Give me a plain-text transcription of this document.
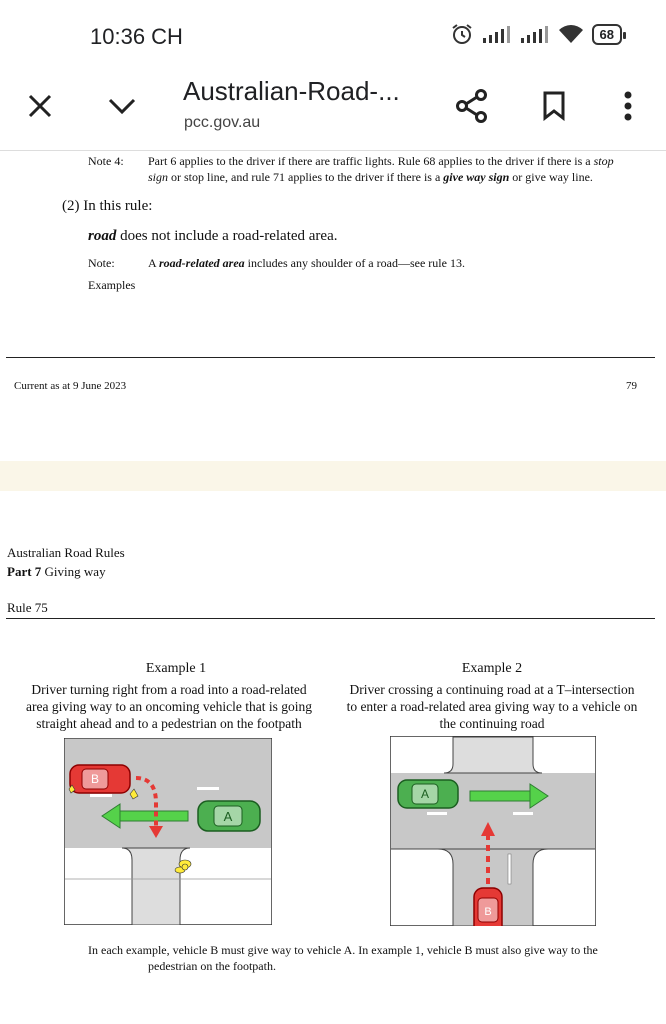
10:36 CH	68
Australian-Road-...
pcc.gov.au
Note 4: Part 6 applies to the driver if there are traffic lights. Rule 68 applies to the driver if there is a stop
sign or stop line, and rule 71 applies to the driver if there is a give way sign or give way line.
(2) In this rule:
road does not include a road-related area.
Note:	A road-related area includes any shoulder of a road—see rule 13.
Examples
Current as at 9 June 2023	79
Australian Road Rules
Part 7 Giving way
Rule 75
Example 1
Driver turning right from a road into a road-related
area giving way to an oncoming vehicle that is going
straight ahead and to a pedestrian on the footpath
Example 2
Driver crossing a continuing road at a T–intersection
to enter a road-related area giving way to a vehicle on
the continuing road
A
B
A
B
In each example, vehicle B must give way to vehicle A. In example 1, vehicle B must also give way to the
pedestrian on the footpath.
